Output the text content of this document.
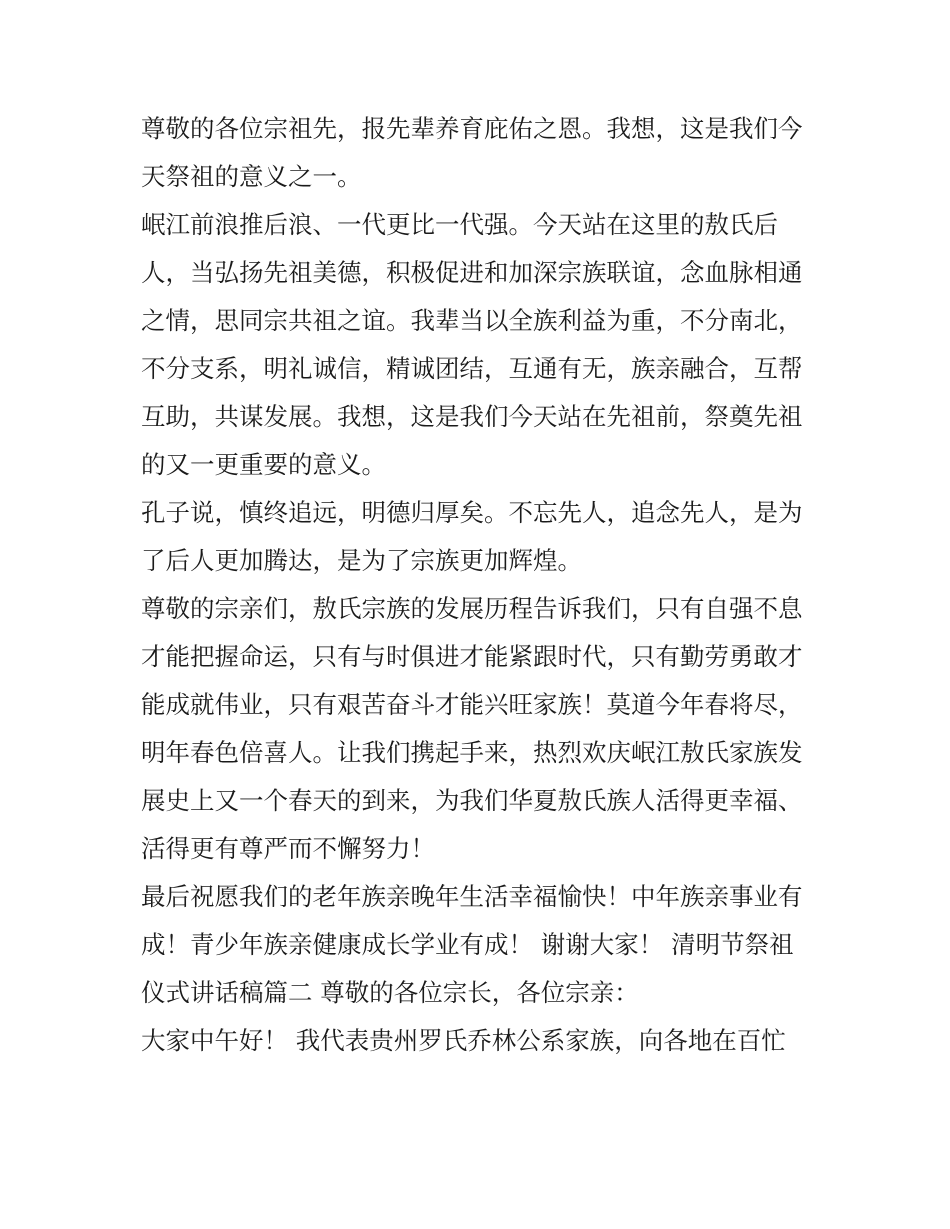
尊敬的各位宗祖先，报先辈养育庇佑之恩。我想，这是我们今
天祭祖的意义之一。
岷江前浪推后浪、一代更比一代强。今天站在这里的敖氏后
人，当弘扬先祖美德，积极促进和加深宗族联谊，念血脉相通
之情，思同宗共祖之谊。我辈当以全族利益为重，不分南北，
不分支系，明礼诚信，精诚团结，互通有无，族亲融合，互帮
互助，共谋发展。我想，这是我们今天站在先祖前，祭奠先祖
的又一更重要的意义。
孔子说，慎终追远，明德归厚矣。不忘先人，追念先人，是为
了后人更加腾达，是为了宗族更加辉煌。
尊敬的宗亲们，敖氏宗族的发展历程告诉我们，只有自强不息
才能把握命运，只有与时俱进才能紧跟时代，只有勤劳勇敢才
能成就伟业，只有艰苦奋斗才能兴旺家族！莫道今年春将尽，
明年春色倍喜人。让我们携起手来，热烈欢庆岷江敖氏家族发
展史上又一个春天的到来，为我们华夏敖氏族人活得更幸福、
活得更有尊严而不懈努力！
最后祝愿我们的老年族亲晚年生活幸福愉快！中年族亲事业有
成！青少年族亲健康成长学业有成！ 谢谢大家！ 清明节祭祖
仪式讲话稿篇二 尊敬的各位宗长，各位宗亲：
大家中午好！ 我代表贵州罗氏乔林公系家族，向各地在百忙
